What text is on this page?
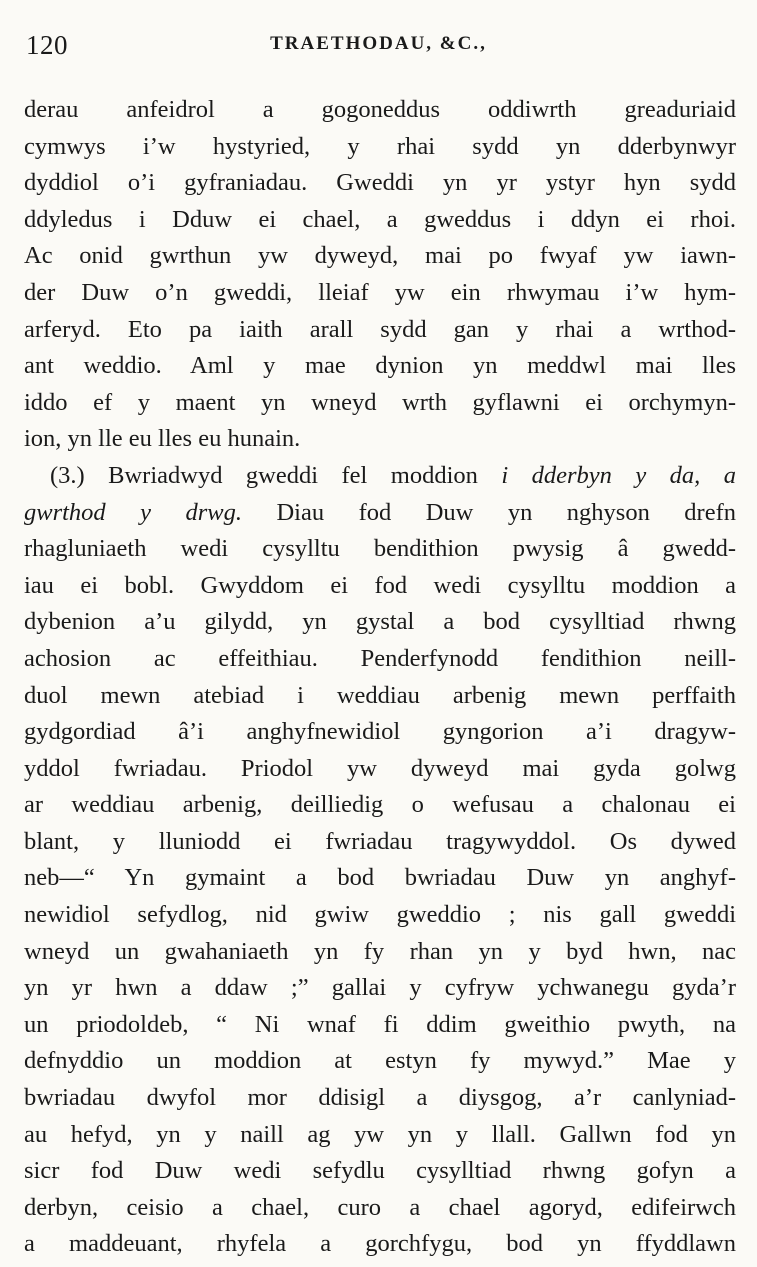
120	TRAETHODAU, &C.,
derau anfeidrol a gogoneddus oddiwrth greaduriaid
cymwys i’w hystyried, y rhai sydd yn dderbynwyr
dyddiol o’i gyfraniadau. Gweddi yn yr ystyr hyn sydd
ddyledus i Dduw ei chael, a gweddus i ddyn ei rhoi.
Ac onid gwrthun yw dyweyd, mai po fwyaf yw iawn-
der Duw o’n gweddi, lleiaf yw ein rhwymau i’w hym-
arferyd. Eto pa iaith arall sydd gan y rhai a wrthod-
ant weddio. Aml y mae dynion yn meddwl mai lles
iddo ef y maent yn wneyd wrth gyflawni ei orchymyn-
ion, yn lle eu lles eu hunain.
(3.) Bwriadwyd gweddi fel moddion i dderbyn y da, a
gwrthod y drwg. Diau fod Duw yn nghyson drefn
rhagluniaeth wedi cysylltu bendithion pwysig â gwedd-
iau ei bobl. Gwyddom ei fod wedi cysylltu moddion a
dybenion a’u gilydd, yn gystal a bod cysylltiad rhwng
achosion ac effeithiau. Penderfynodd fendithion neill-
duol mewn atebiad i weddiau arbenig mewn perffaith
gydgordiad â’i anghyfnewidiol gyngorion a’i dragyw-
yddol fwriadau. Priodol yw dyweyd mai gyda golwg
ar weddiau arbenig, deilliedig o wefusau a chalonau ei
blant, y lluniodd ei fwriadau tragywyddol. Os dywed
neb—“ Yn gymaint a bod bwriadau Duw yn anghyf-
newidiol sefydlog, nid gwiw gweddio ; nis gall gweddi
wneyd un gwahaniaeth yn fy rhan yn y byd hwn, nac
yn yr hwn a ddaw ;” gallai y cyfryw ychwanegu gyda’r
un priodoldeb, “ Ni wnaf fi ddim gweithio pwyth, na
defnyddio un moddion at estyn fy mywyd.” Mae y
bwriadau dwyfol mor ddisigl a diysgog, a’r canlyniad-
au hefyd, yn y naill ag yw yn y llall. Gallwn fod yn
sicr fod Duw wedi sefydlu cysylltiad rhwng gofyn a
derbyn, ceisio a chael, curo a chael agoryd, edifeirwch
a maddeuant, rhyfela a gorchfygu, bod yn ffyddlawn
